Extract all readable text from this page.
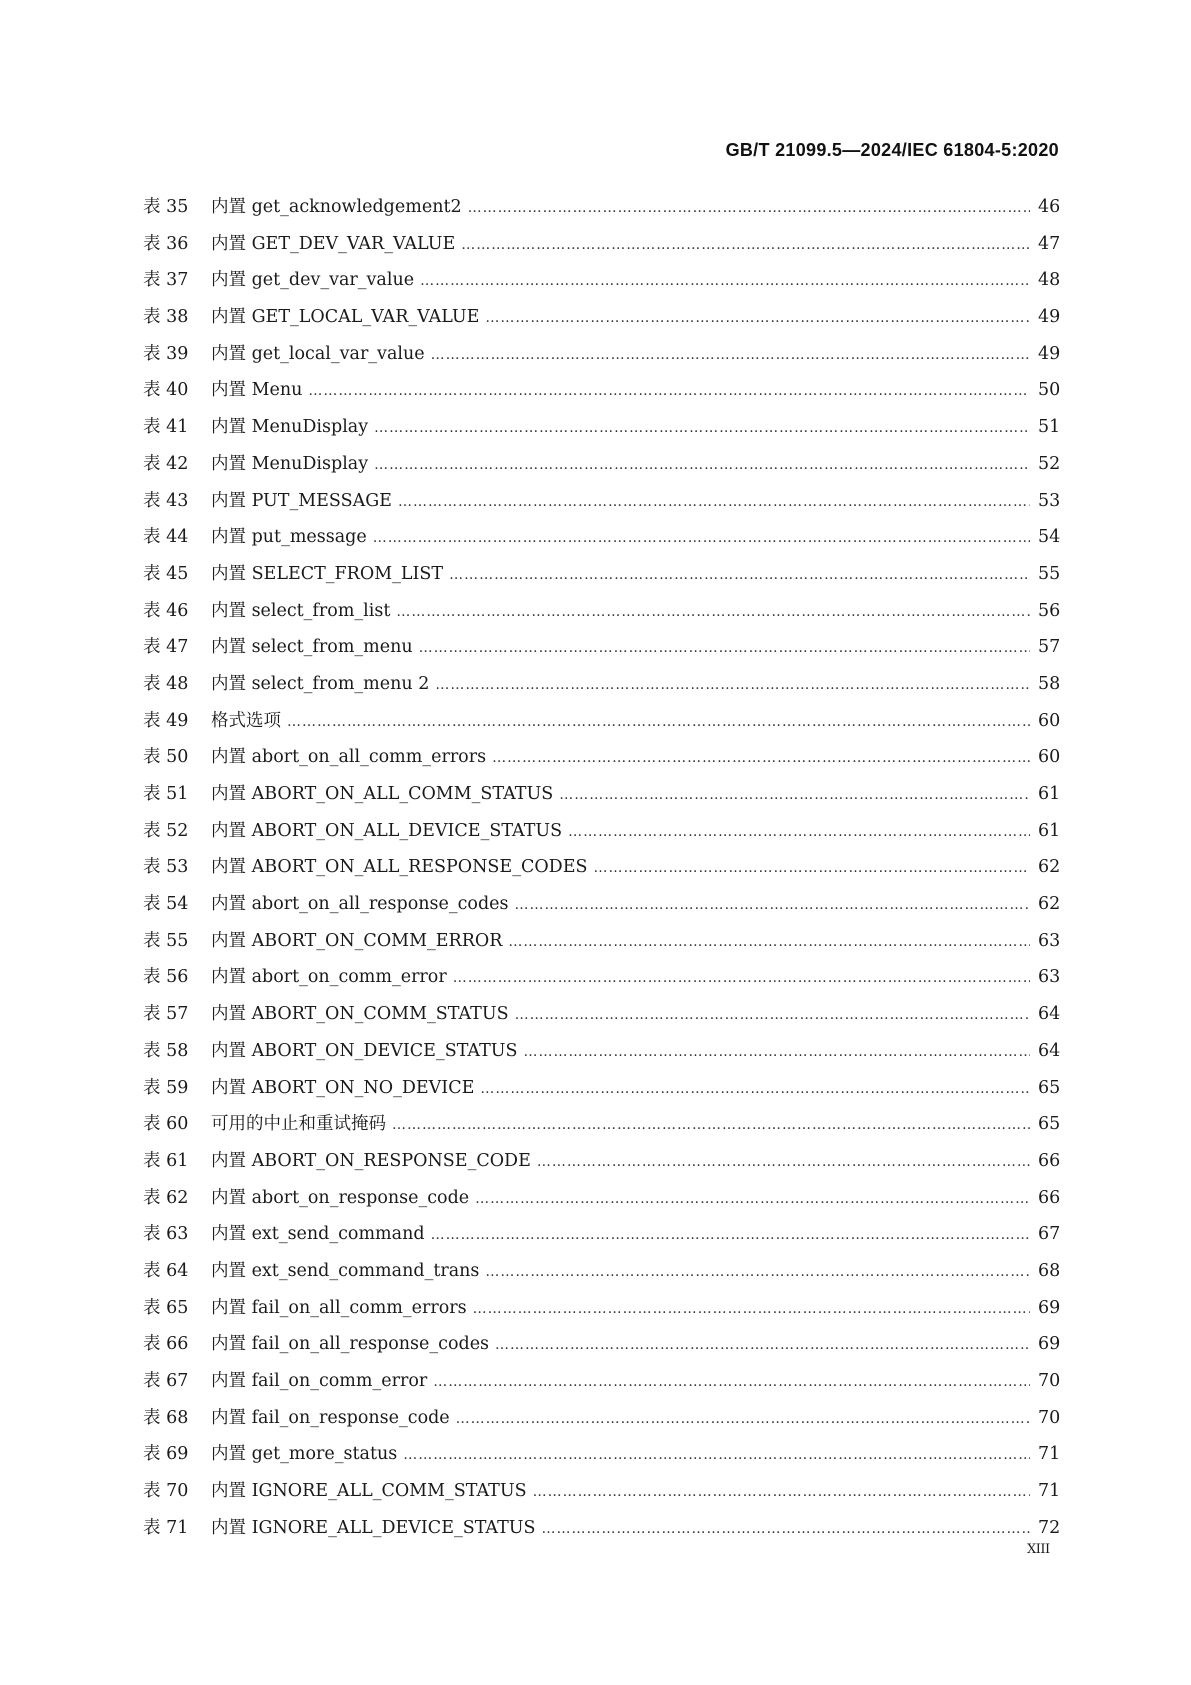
GB/T 21099.5—2024/IEC 61804-5:2020
表 35	内置 get_acknowledgement2 ……………………………………………………………………………………………………………………………………………………………………………………………………………………………………	46
表 36	内置 GET_DEV_VAR_VALUE ……………………………………………………………………………………………………………………………………………………………………………………………………………………………………	47
表 37	内置 get_dev_var_value ……………………………………………………………………………………………………………………………………………………………………………………………………………………………………	48
表 38	内置 GET_LOCAL_VAR_VALUE ……………………………………………………………………………………………………………………………………………………………………………………………………………………………………	49
表 39	内置 get_local_var_value ……………………………………………………………………………………………………………………………………………………………………………………………………………………………………	49
表 40	内置 Menu ……………………………………………………………………………………………………………………………………………………………………………………………………………………………………	50
表 41	内置 MenuDisplay ……………………………………………………………………………………………………………………………………………………………………………………………………………………………………	51
表 42	内置 MenuDisplay ……………………………………………………………………………………………………………………………………………………………………………………………………………………………………	52
表 43	内置 PUT_MESSAGE ……………………………………………………………………………………………………………………………………………………………………………………………………………………………………	53
表 44	内置 put_message ……………………………………………………………………………………………………………………………………………………………………………………………………………………………………	54
表 45	内置 SELECT_FROM_LIST ……………………………………………………………………………………………………………………………………………………………………………………………………………………………………	55
表 46	内置 select_from_list ……………………………………………………………………………………………………………………………………………………………………………………………………………………………………	56
表 47	内置 select_from_menu ……………………………………………………………………………………………………………………………………………………………………………………………………………………………………	57
表 48	内置 select_from_menu 2 ……………………………………………………………………………………………………………………………………………………………………………………………………………………………………	58
表 49	格式选项 ……………………………………………………………………………………………………………………………………………………………………………………………………………………………………	60
表 50	内置 abort_on_all_comm_errors ……………………………………………………………………………………………………………………………………………………………………………………………………………………………………	60
表 51	内置 ABORT_ON_ALL_COMM_STATUS ……………………………………………………………………………………………………………………………………………………………………………………………………………………………………	61
表 52	内置 ABORT_ON_ALL_DEVICE_STATUS ……………………………………………………………………………………………………………………………………………………………………………………………………………………………………	61
表 53	内置 ABORT_ON_ALL_RESPONSE_CODES ……………………………………………………………………………………………………………………………………………………………………………………………………………………………………	62
表 54	内置 abort_on_all_response_codes ……………………………………………………………………………………………………………………………………………………………………………………………………………………………………	62
表 55	内置 ABORT_ON_COMM_ERROR ……………………………………………………………………………………………………………………………………………………………………………………………………………………………………	63
表 56	内置 abort_on_comm_error ……………………………………………………………………………………………………………………………………………………………………………………………………………………………………	63
表 57	内置 ABORT_ON_COMM_STATUS ……………………………………………………………………………………………………………………………………………………………………………………………………………………………………	64
表 58	内置 ABORT_ON_DEVICE_STATUS ……………………………………………………………………………………………………………………………………………………………………………………………………………………………………	64
表 59	内置 ABORT_ON_NO_DEVICE ……………………………………………………………………………………………………………………………………………………………………………………………………………………………………	65
表 60	可用的中止和重试掩码 ……………………………………………………………………………………………………………………………………………………………………………………………………………………………………	65
表 61	内置 ABORT_ON_RESPONSE_CODE ……………………………………………………………………………………………………………………………………………………………………………………………………………………………………	66
表 62	内置 abort_on_response_code ……………………………………………………………………………………………………………………………………………………………………………………………………………………………………	66
表 63	内置 ext_send_command ……………………………………………………………………………………………………………………………………………………………………………………………………………………………………	67
表 64	内置 ext_send_command_trans ……………………………………………………………………………………………………………………………………………………………………………………………………………………………………	68
表 65	内置 fail_on_all_comm_errors ……………………………………………………………………………………………………………………………………………………………………………………………………………………………………	69
表 66	内置 fail_on_all_response_codes ……………………………………………………………………………………………………………………………………………………………………………………………………………………………………	69
表 67	内置 fail_on_comm_error ……………………………………………………………………………………………………………………………………………………………………………………………………………………………………	70
表 68	内置 fail_on_response_code ……………………………………………………………………………………………………………………………………………………………………………………………………………………………………	70
表 69	内置 get_more_status ……………………………………………………………………………………………………………………………………………………………………………………………………………………………………	71
表 70	内置 IGNORE_ALL_COMM_STATUS ……………………………………………………………………………………………………………………………………………………………………………………………………………………………………	71
表 71	内置 IGNORE_ALL_DEVICE_STATUS ……………………………………………………………………………………………………………………………………………………………………………………………………………………………………	72
XIII
